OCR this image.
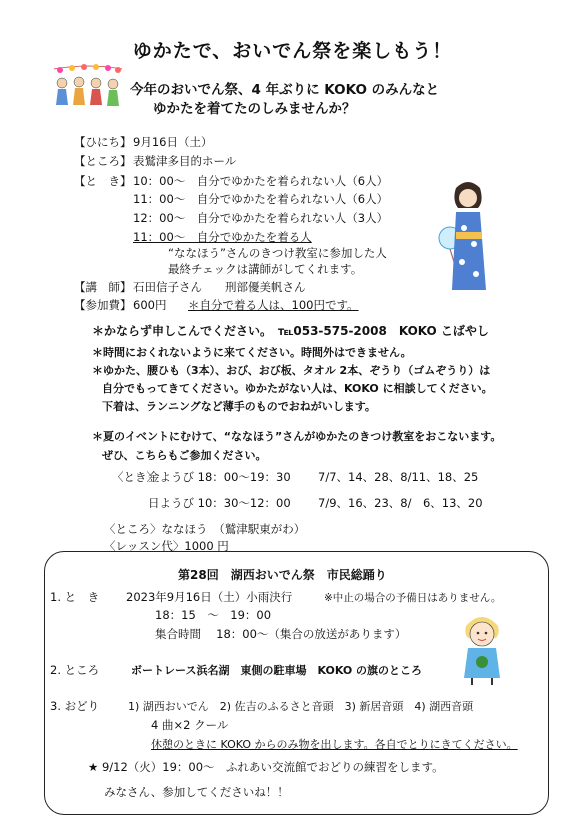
ゆかたで、おいでん祭を楽しもう！
今年のおいでん祭、4 年ぶりに KOKO のみんなと
ゆかたを着てたのしみませんか？
【ひにち】 9月16日（土）
【ところ】 表鷲津多目的ホール
【と　き】 10：00～　自分でゆかたを着られない人（6人）
11：00～　自分でゆかたを着られない人（6人）
12：00～　自分でゆかたを着られない人（3人）
11：00～　自分でゆかたを着る人
“ななほう”さんのきつけ教室に参加した人
最終チェックは講師がしてくれます。
【講　師】 石田信子さん　　刑部優美帆さん
【参加費】 600円 ＊自分で着る人は、100円です。
＊かならず申しこんでください。　℡053-575-2008　KOKO こばやし
＊時間におくれないように来てください。時間外はできません。
＊ゆかた、腰ひも（3本）、おび、おび板、タオル 2本、ぞうり（ゴムぞうり）は
自分でもってきてください。ゆかたがない人は、KOKO に相談してください。
下着は、ランニングなど薄手のものでおねがいします。
＊夏のイベントにむけて、“ななほう”さんがゆかたのきつけ教室をおこないます。
ぜひ、こちらもご参加ください。
〈とき〉
金ようび 18：00～19：30 7/7、14、28、8/11、18、25
日ようび 10：30～12：00 7/9、16、23、8/　6、13、20
〈ところ〉ななほう　（鷲津駅東がわ）
〈レッスン代〉1000 円
第28回　湖西おいでん祭　市民総踊り
1. と　き 2023年9月16日（土）小雨決行	※中止の場合の予備日はありません。
18：15　～　19：00
集合時間　 18：00～（集合の放送があります）
2. ところ	ボートレース浜名湖　東側の駐車場　KOKO の旗のところ
3. おどり	1) 湖西おいでん　2) 佐吉のふるさと音頭　3) 新居音頭　4) 湖西音頭
4 曲×2 クール
休憩のときに KOKO からのみ物を出します。各自でとりにきてください。
★ 9/12（火）19：00～　ふれあい交流館でおどりの練習をします。
みなさん、参加してくださいね！！
